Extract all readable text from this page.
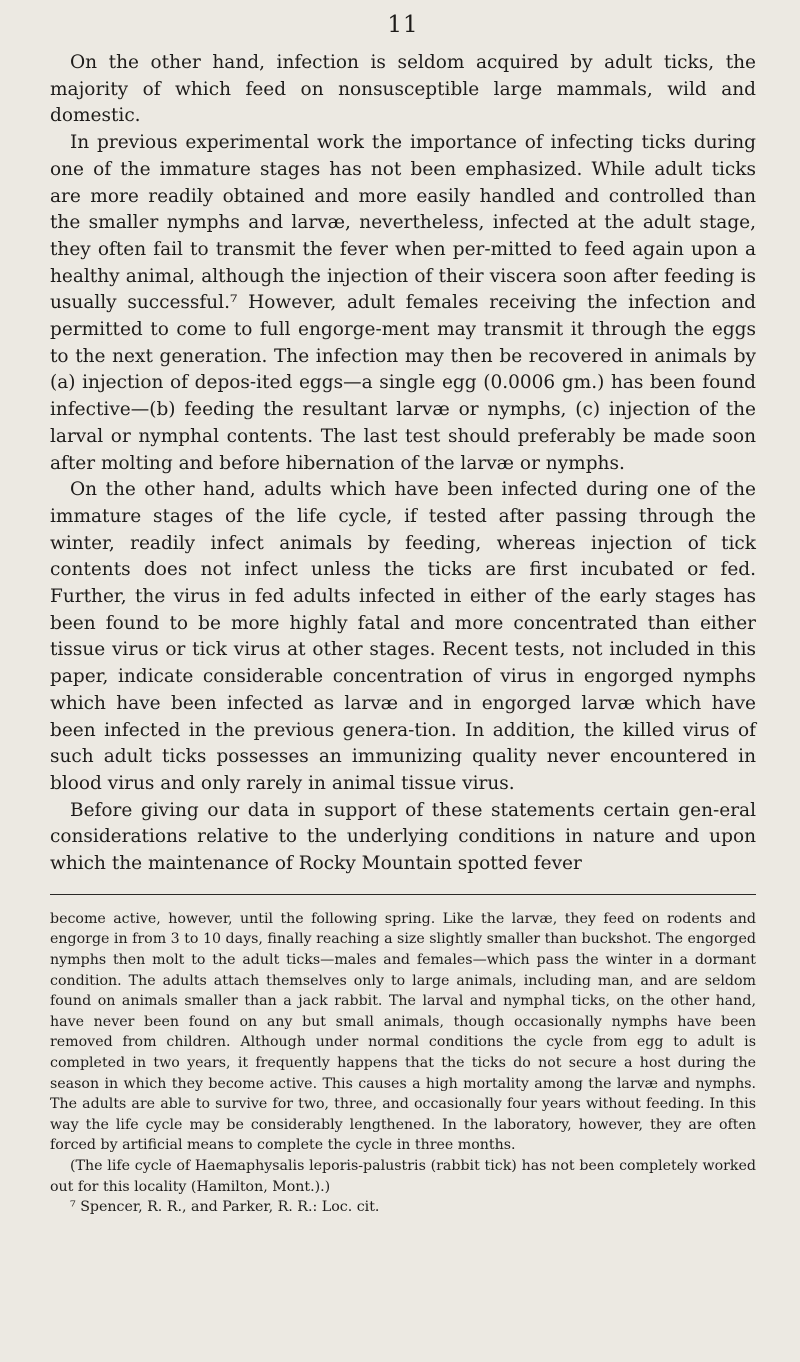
11

On the other hand, infection is seldom acquired by adult ticks, the majority of which feed on nonsusceptible large mammals, wild and domestic.

In previous experimental work the importance of infecting ticks during one of the immature stages has not been emphasized. While adult ticks are more readily obtained and more easily handled and controlled than the smaller nymphs and larvæ, nevertheless, infected at the adult stage, they often fail to transmit the fever when per-mitted to feed again upon a healthy animal, although the injection of their viscera soon after feeding is usually successful.⁷ However, adult females receiving the infection and permitted to come to full engorge-ment may transmit it through the eggs to the next generation. The infection may then be recovered in animals by (a) injection of depos-ited eggs—a single egg (0.0006 gm.) has been found infective—(b) feeding the resultant larvæ or nymphs, (c) injection of the larval or nymphal contents. The last test should preferably be made soon after molting and before hibernation of the larvæ or nymphs.

On the other hand, adults which have been infected during one of the immature stages of the life cycle, if tested after passing through the winter, readily infect animals by feeding, whereas injection of tick contents does not infect unless the ticks are first incubated or fed. Further, the virus in fed adults infected in either of the early stages has been found to be more highly fatal and more concentrated than either tissue virus or tick virus at other stages. Recent tests, not included in this paper, indicate considerable concentration of virus in engorged nymphs which have been infected as larvæ and in engorged larvæ which have been infected in the previous genera-tion. In addition, the killed virus of such adult ticks possesses an immunizing quality never encountered in blood virus and only rarely in animal tissue virus.

Before giving our data in support of these statements certain gen-eral considerations relative to the underlying conditions in nature and upon which the maintenance of Rocky Mountain spotted fever

become active, however, until the following spring. Like the larvæ, they feed on rodents and engorge in from 3 to 10 days, finally reaching a size slightly smaller than buckshot. The engorged nymphs then molt to the adult ticks—males and females—which pass the winter in a dormant condition. The adults attach themselves only to large animals, including man, and are seldom found on animals smaller than a jack rabbit. The larval and nymphal ticks, on the other hand, have never been found on any but small animals, though occasionally nymphs have been removed from children. Although under normal conditions the cycle from egg to adult is completed in two years, it frequently happens that the ticks do not secure a host during the season in which they become active. This causes a high mortality among the larvæ and nymphs. The adults are able to survive for two, three, and occasionally four years without feeding. In this way the life cycle may be considerably lengthened. In the laboratory, however, they are often forced by artificial means to complete the cycle in three months.

(The life cycle of Haemaphysalis leporis-palustris (rabbit tick) has not been completely worked out for this locality (Hamilton, Mont.).)

⁷ Spencer, R. R., and Parker, R. R.: Loc. cit.
